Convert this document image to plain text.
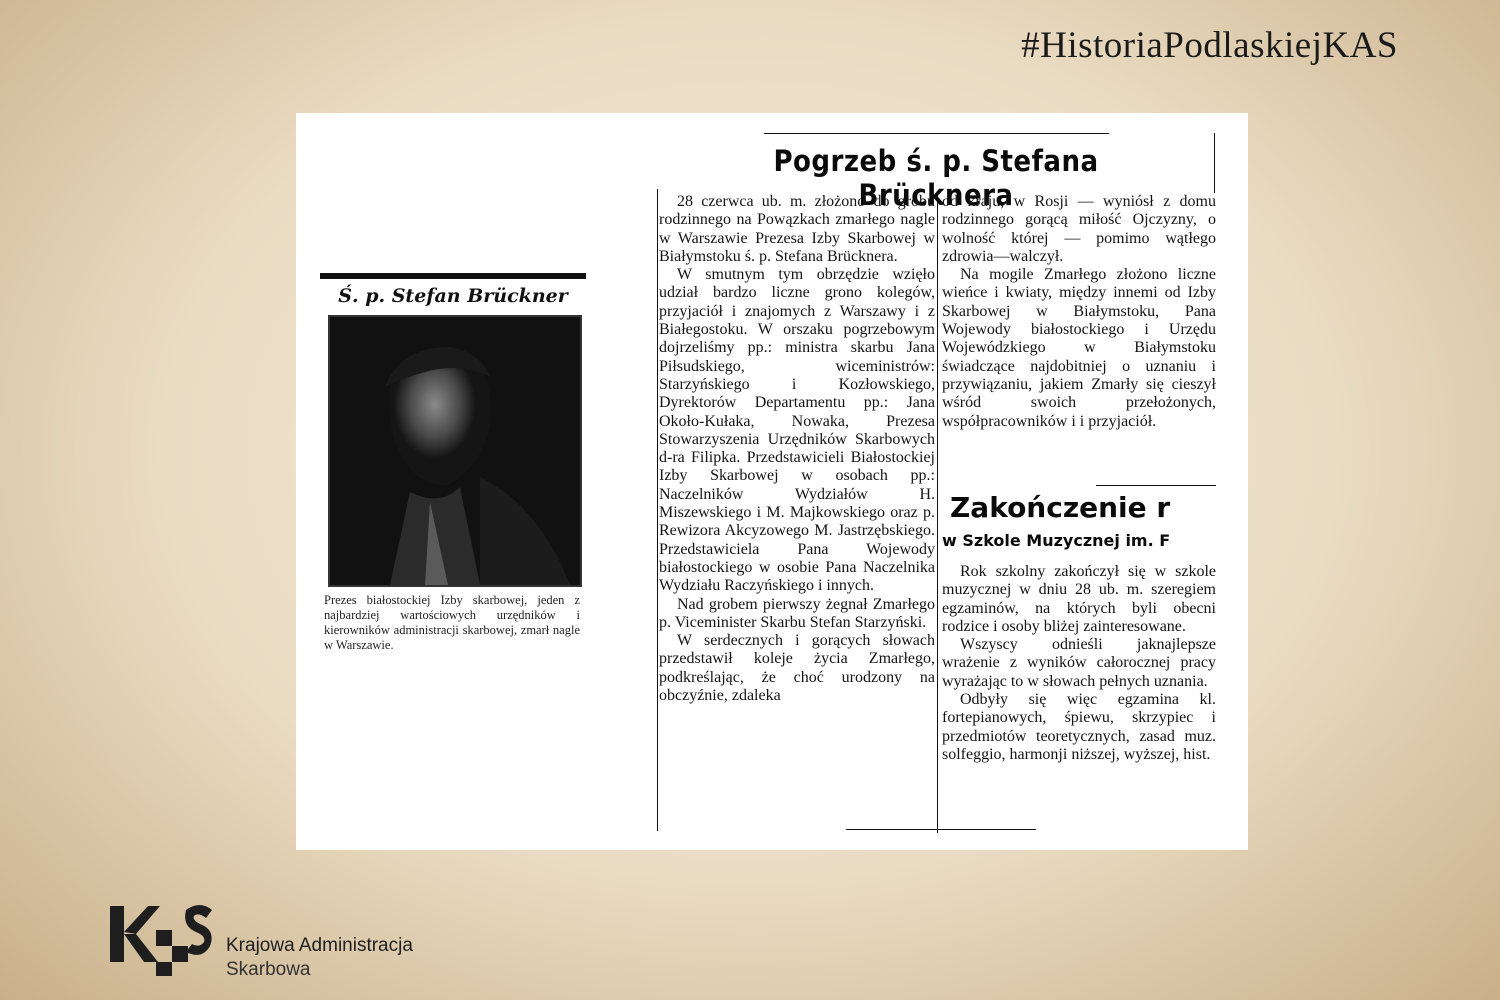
#HistoriaPodlaskiejKAS
Ś. p. Stefan Brückner
Prezes białostockiej Izby skarbowej, jeden z najbardziej wartościowych urzędników i kierowników administracji skarbowej, zmarł nagle w Warszawie.
Pogrzeb ś. p. Stefana Brücknera

28 czerwca ub. m. złożono do grobu rodzinnego na Powązkach zmarłego nagle w Warszawie Prezesa Izby Skarbowej w Białymstoku ś. p. Stefana Brücknera.

W smutnym tym obrzędzie wzięło udział bardzo liczne grono kolegów, przyjaciół i znajomych z Warszawy i z Białegostoku. W orszaku pogrzebowym dojrzeliśmy pp.: ministra skarbu Jana Piłsudskiego, wiceministrów: Starzyńskiego i Kozłowskiego, Dyrektorów Departamentu pp.: Jana Około-Kułaka, Nowaka, Prezesa Stowarzyszenia Urzędników Skarbowych d-ra Filipka. Przedstawicieli Białostockiej Izby Skarbowej w osobach pp.: Naczelników Wydziałów H. Miszewskiego i M. Majkowskiego oraz p. Rewizora Akcyzowego M. Jastrzębskiego. Przedstawiciela Pana Wojewody białostockiego w osobie Pana Naczelnika Wydziału Raczyńskiego i innych.

Nad grobem pierwszy żegnał Zmarłego p. Viceminister Skarbu Stefan Starzyński.

W serdecznych i gorących słowach przedstawił koleje życia Zmarłego, podkreślając, że choć urodzony na obczyźnie, zdaleka

od kraju, w Rosji — wyniósł z domu rodzinnego gorącą miłość Ojczyzny, o wolność której — pomimo wątłego zdrowia—walczył.

Na mogile Zmarłego złożono liczne wieńce i kwiaty, między innemi od Izby Skarbowej w Białymstoku, Pana Wojewody białostockiego i Urzędu Wojewódzkiego w Białymstoku świadczące najdobitniej o uznaniu i przywiązaniu, jakiem Zmarły się cieszył wśród swoich przełożonych, współpracowników i i przyjaciół.

Zakończenie r
w Szkole Muzycznej im. F

Rok szkolny zakończył się w szkole muzycznej w dniu 28 ub. m. szeregiem egzaminów, na których byli obecni rodzice i osoby bliżej zainteresowane.

Wszyscy odnieśli jaknajlepsze wrażenie z wyników całorocznej pracy wyrażając to w słowach pełnych uznania.

Odbyły się więc egzamina kl. fortepianowych, śpiewu, skrzypiec i przedmiotów teoretycznych, zasad muz. solfeggio, harmonji niższej, wyższej, hist.

Krajowa Administracja
Skarbowa
